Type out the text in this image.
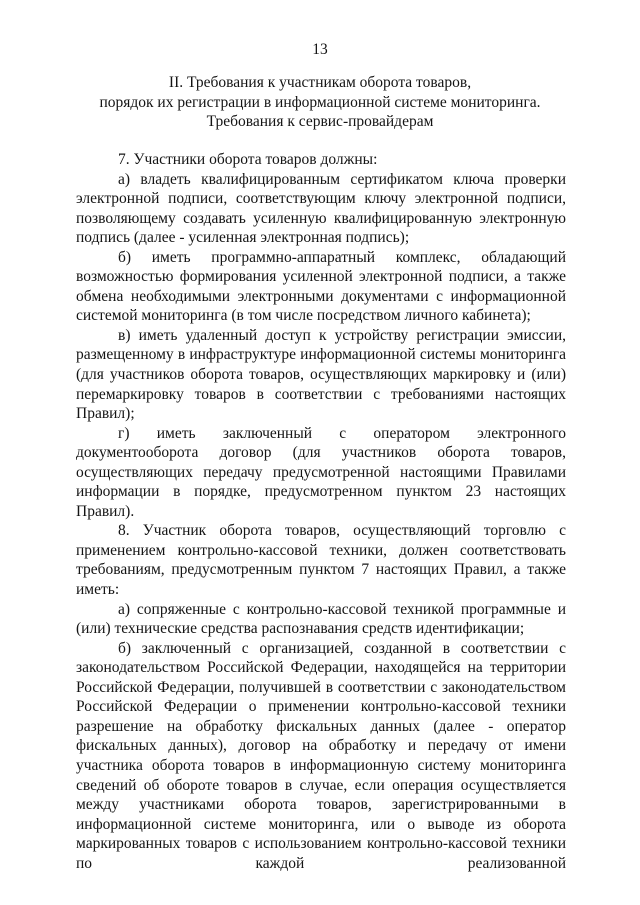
13
II. Требования к участникам оборота товаров,
порядок их регистрации в информационной системе мониторинга.
Требования к сервис-провайдерам

7. Участники оборота товаров должны:

а) владеть квалифицированным сертификатом ключа проверки электронной подписи, соответствующим ключу электронной подписи, позволяющему создавать усиленную квалифицированную электронную подпись (далее - усиленная электронная подпись);

б) иметь программно-аппаратный комплекс, обладающий возможностью формирования усиленной электронной подписи, а также обмена необходимыми электронными документами с информационной системой мониторинга (в том числе посредством личного кабинета);

в) иметь удаленный доступ к устройству регистрации эмиссии, размещенному в инфраструктуре информационной системы мониторинга (для участников оборота товаров, осуществляющих маркировку и (или) перемаркировку товаров в соответствии с требованиями настоящих Правил);

г) иметь заключенный с оператором электронного документооборота договор (для участников оборота товаров, осуществляющих передачу предусмотренной настоящими Правилами информации в порядке, предусмотренном пунктом 23 настоящих Правил).

8. Участник оборота товаров, осуществляющий торговлю с применением контрольно-кассовой техники, должен соответствовать требованиям, предусмотренным пунктом 7 настоящих Правил, а также иметь:

а) сопряженные с контрольно-кассовой техникой программные и (или) технические средства распознавания средств идентификации;

б) заключенный с организацией, созданной в соответствии с законодательством Российской Федерации, находящейся на территории Российской Федерации, получившей в соответствии с законодательством Российской Федерации о применении контрольно-кассовой техники разрешение на обработку фискальных данных (далее - оператор фискальных данных), договор на обработку и передачу от имени участника оборота товаров в информационную систему мониторинга сведений об обороте товаров в случае, если операция осуществляется между участниками оборота товаров, зарегистрированными в информационной системе мониторинга, или о выводе из оборота маркированных товаров с использованием контрольно-кассовой техники по каждой реализованной
